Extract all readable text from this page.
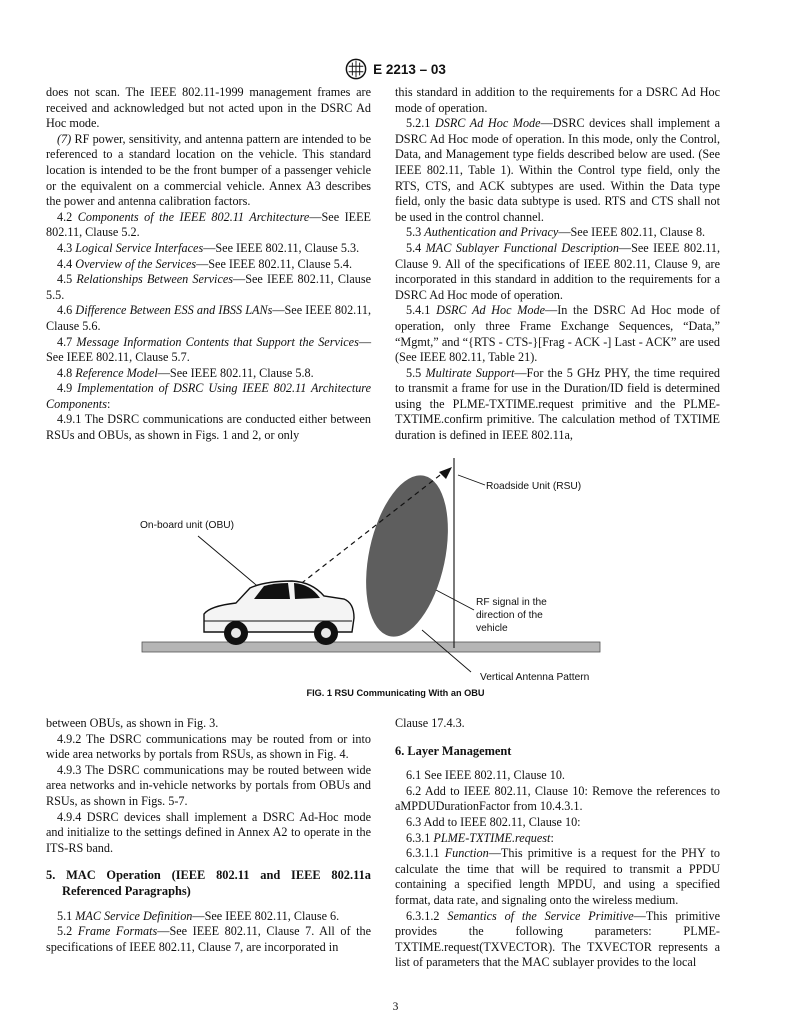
E 2213 – 03

does not scan. The IEEE 802.11-1999 management frames are received and acknowledged but not acted upon in the DSRC Ad Hoc mode.

(7) RF power, sensitivity, and antenna pattern are intended to be referenced to a standard location on the vehicle. This standard location is intended to be the front bumper of a passenger vehicle or the equivalent on a commercial vehicle. Annex A3 describes the power and antenna calibration factors.

4.2 Components of the IEEE 802.11 Architecture—See IEEE 802.11, Clause 5.2.

4.3 Logical Service Interfaces—See IEEE 802.11, Clause 5.3.

4.4 Overview of the Services—See IEEE 802.11, Clause 5.4.

4.5 Relationships Between Services—See IEEE 802.11, Clause 5.5.

4.6 Difference Between ESS and IBSS LANs—See IEEE 802.11, Clause 5.6.

4.7 Message Information Contents that Support the Services—See IEEE 802.11, Clause 5.7.

4.8 Reference Model—See IEEE 802.11, Clause 5.8.

4.9 Implementation of DSRC Using IEEE 802.11 Architecture Components:

4.9.1 The DSRC communications are conducted either between RSUs and OBUs, as shown in Figs. 1 and 2, or only

this standard in addition to the requirements for a DSRC Ad Hoc mode of operation.

5.2.1 DSRC Ad Hoc Mode—DSRC devices shall implement a DSRC Ad Hoc mode of operation. In this mode, only the Control, Data, and Management type fields described below are used. (See IEEE 802.11, Table 1). Within the Control type field, only the RTS, CTS, and ACK subtypes are used. Within the Data type field, only the basic data subtype is used. RTS and CTS shall not be used in the control channel.

5.3 Authentication and Privacy—See IEEE 802.11, Clause 8.

5.4 MAC Sublayer Functional Description—See IEEE 802.11, Clause 9. All of the specifications of IEEE 802.11, Clause 9, are incorporated in this standard in addition to the requirements for a DSRC Ad Hoc mode of operation.

5.4.1 DSRC Ad Hoc Mode—In the DSRC Ad Hoc mode of operation, only three Frame Exchange Sequences, “Data,” “Mgmt,” and “{RTS - CTS-}[Frag - ACK -] Last - ACK” are used (See IEEE 802.11, Table 21).

5.5 Multirate Support—For the 5 GHz PHY, the time required to transmit a frame for use in the Duration/ID field is determined using the PLME-TXTIME.request primitive and the PLME-TXTIME.confirm primitive. The calculation method of TXTIME duration is defined in IEEE 802.11a,

Roadside Unit (RSU)
On-board unit (OBU)
RF signal in the
direction of the
vehicle
Vertical Antenna Pattern
FIG. 1 RSU Communicating With an OBU

between OBUs, as shown in Fig. 3.

4.9.2 The DSRC communications may be routed from or into wide area networks by portals from RSUs, as shown in Fig. 4.

4.9.3 The DSRC communications may be routed between wide area networks and in-vehicle networks by portals from OBUs and RSUs, as shown in Figs. 5-7.

4.9.4 DSRC devices shall implement a DSRC Ad-Hoc mode and initialize to the settings defined in Annex A2 to operate in the ITS-RS band.

5. MAC Operation (IEEE 802.11 and IEEE 802.11a Referenced Paragraphs)

5.1 MAC Service Definition—See IEEE 802.11, Clause 6.

5.2 Frame Formats—See IEEE 802.11, Clause 7. All of the specifications of IEEE 802.11, Clause 7, are incorporated in

Clause 17.4.3.

6. Layer Management

6.1 See IEEE 802.11, Clause 10.

6.2 Add to IEEE 802.11, Clause 10: Remove the references to aMPDUDurationFactor from 10.4.3.1.

6.3 Add to IEEE 802.11, Clause 10:

6.3.1 PLME-TXTIME.request:

6.3.1.1 Function—This primitive is a request for the PHY to calculate the time that will be required to transmit a PPDU containing a specified length MPDU, and using a specified format, data rate, and signaling onto the wireless medium.

6.3.1.2 Semantics of the Service Primitive—This primitive provides the following parameters: PLME-TXTIME.request(TXVECTOR). The TXVECTOR represents a list of parameters that the MAC sublayer provides to the local

3
